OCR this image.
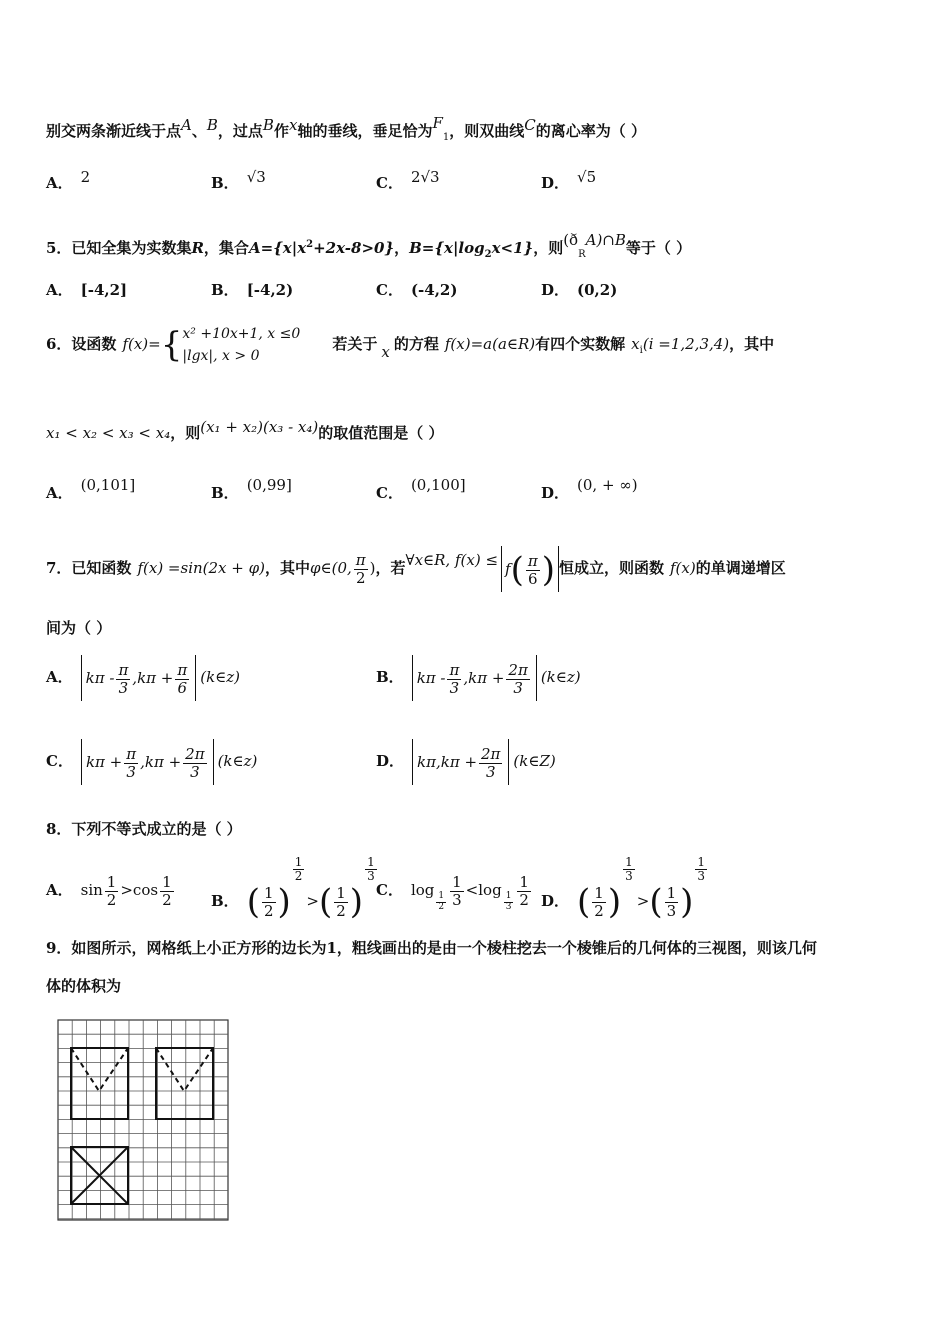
别交两条渐近线于点A、B，过点B作x轴的垂线，垂足恰为$F_1$，则双曲线C的离心率为（ ）
A． 2	B． √3	C． 2√3	D． √5
5．已知全集为实数集R，集合$A=\{x|x^2+2x-8>0\}$，$B=\{x|\log_2x<1\}$，则$(ð_RA)\cap B$等于（ ）
A． [‐4,2]	B． [‐4,2)	C． (‐4,2)	D． (0,2)
6．设函数 f(x)={ x² +10x+1, x ≤0
|lgx|, x > 0
若关于 x 的方程 f(x)=a(a∈R)有四个实数解 $x_i(i =1,2,3,4)$，其中
x₁ < x₂ < x₃ < x₄，则(x₁ + x₂)(x₃ ‐ x₄)的取值范围是（ ）
A． (0,101]	B． (0,99]	C． (0,100]	D． (0, + ∞)
7．已知函数 f(x) =sin(2x + φ)，其中φ∈(0, $\frac{\pi}{2}$ )，若∀x∈R, $f(x) \le f( \frac{\pi}{6}$ ) 恒成立，则函数 f(x)的单调递增区
间为（ ）
A． kπ ‐ $\frac{\pi}{3} ,k\pi + \frac{\pi}{6}$ (k∈z)	B． kπ ‐ $\frac{\pi}{3} ,k\pi + \frac{2\pi}{3}$ (k∈z)
C． $k\pi + \frac{\pi}{3} ,k\pi + \frac{2\pi}{3}$ (k∈z)	D． $k\pi,k\pi + \frac{2\pi}{3}$ (k∈Z)
8．下列不等式成立的是（ ）
A． $\sin \frac{1}{2} >\cos \frac{1}{2}$ B． ( $\frac{1}{2}$ )
$\frac{1}{2}$
>( $\frac{1}{2}$ )
$\frac{1}{3}$
C． log
$\frac{1}{2} \frac{1}{3} <\log$
$\frac{1}{3} \frac{1}{2}$ D． ( $\frac{1}{2}$ )
$\frac{1}{3}$
>( $\frac{1}{3}$ )
$\frac{1}{3}$
9．如图所示，网格纸上小正方形的边长为1，粗线画出的是由一个棱柱挖去一个棱锥后的几何体的三视图，则该几何
体的体积为
